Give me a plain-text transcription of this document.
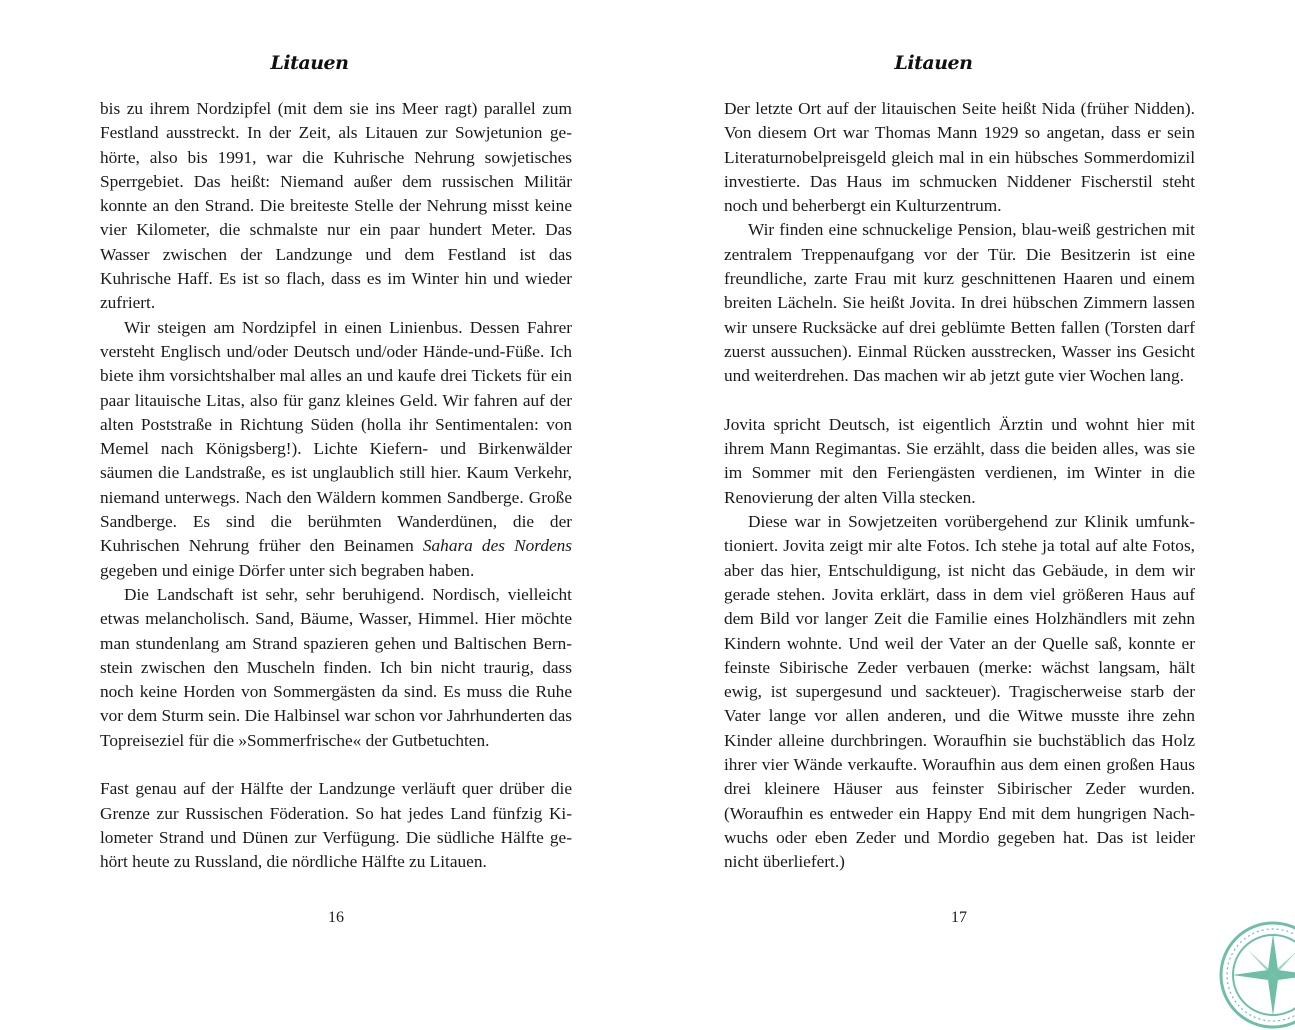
Litauen

bis zu ihrem Nordzipfel (mit dem sie ins Meer ragt) parallel zum Festland ausstreckt. In der Zeit, als Litauen zur Sowjetunion gehörte, also bis 1991, war die Kuhrische Nehrung sowjetisches Sperrgebiet. Das heißt: Niemand außer dem russischen Militär konnte an den Strand. Die breiteste Stelle der Nehrung misst keine vier Kilometer, die schmalste nur ein paar hundert Meter. Das Wasser zwischen der Landzunge und dem Festland ist das Kuhrische Haff. Es ist so flach, dass es im Winter hin und wieder zufriert.

Wir steigen am Nordzipfel in einen Linienbus. Dessen Fahrer versteht Englisch und/oder Deutsch und/oder Hände-und-Füße. Ich biete ihm vorsichtshalber mal alles an und kaufe drei Tickets für ein paar litauische Litas, also für ganz kleines Geld. Wir fahren auf der alten Poststraße in Richtung Süden (holla ihr Sentimentalen: von Memel nach Königsberg!). Lichte Kiefern- und Birkenwälder säumen die Landstraße, es ist unglaublich still hier. Kaum Verkehr, niemand unterwegs. Nach den Wäldern kommen Sandberge. Große Sandberge. Es sind die berühmten Wanderdünen, die der Kuhrischen Nehrung früher den Beinamen Sahara des Nordens gegeben und einige Dörfer unter sich begraben haben.

Die Landschaft ist sehr, sehr beruhigend. Nordisch, vielleicht etwas melancholisch. Sand, Bäume, Wasser, Himmel. Hier möchte man stundenlang am Strand spazieren gehen und Baltischen Bernstein zwischen den Muscheln finden. Ich bin nicht traurig, dass noch keine Horden von Sommergästen da sind. Es muss die Ruhe vor dem Sturm sein. Die Halbinsel war schon vor Jahrhunderten das Topreiseziel für die »Sommerfrische« der Gutbetuchten.

Fast genau auf der Hälfte der Landzunge verläuft quer drüber die Grenze zur Russischen Föderation. So hat jedes Land fünfzig Kilometer Strand und Dünen zur Verfügung. Die südliche Hälfte gehört heute zu Russland, die nördliche Hälfte zu Litauen.

16
Litauen

Der letzte Ort auf der litauischen Seite heißt Nida (früher Nidden). Von diesem Ort war Thomas Mann 1929 so angetan, dass er sein Literaturnobelpreisgeld gleich mal in ein hübsches Sommerdomizil investierte. Das Haus im schmucken Niddener Fischerstil steht noch und beherbergt ein Kulturzentrum.

Wir finden eine schnuckelige Pension, blau-weiß gestrichen mit zentralem Treppenaufgang vor der Tür. Die Besitzerin ist eine freundliche, zarte Frau mit kurz geschnittenen Haaren und einem breiten Lächeln. Sie heißt Jovita. In drei hübschen Zimmern lassen wir unsere Rucksäcke auf drei geblümte Betten fallen (Torsten darf zuerst aussuchen). Einmal Rücken ausstrecken, Wasser ins Gesicht und weiterdrehen. Das machen wir ab jetzt gute vier Wochen lang.

Jovita spricht Deutsch, ist eigentlich Ärztin und wohnt hier mit ihrem Mann Regimantas. Sie erzählt, dass die beiden alles, was sie im Sommer mit den Feriengästen verdienen, im Winter in die Renovierung der alten Villa stecken.

Diese war in Sowjetzeiten vorübergehend zur Klinik umfunktioniert. Jovita zeigt mir alte Fotos. Ich stehe ja total auf alte Fotos, aber das hier, Entschuldigung, ist nicht das Gebäude, in dem wir gerade stehen. Jovita erklärt, dass in dem viel größeren Haus auf dem Bild vor langer Zeit die Familie eines Holzhändlers mit zehn Kindern wohnte. Und weil der Vater an der Quelle saß, konnte er feinste Sibirische Zeder verbauen (merke: wächst langsam, hält ewig, ist supergesund und sackteuer). Tragischerweise starb der Vater lange vor allen anderen, und die Witwe musste ihre zehn Kinder alleine durchbringen. Woraufhin sie buchstäblich das Holz ihrer vier Wände verkaufte. Woraufhin aus dem einen großen Haus drei kleinere Häuser aus feinster Sibirischer Zeder wurden. (Woraufhin es entweder ein Happy End mit dem hungrigen Nachwuchs oder eben Zeder und Mordio gegeben hat. Das ist leider nicht überliefert.)

17
